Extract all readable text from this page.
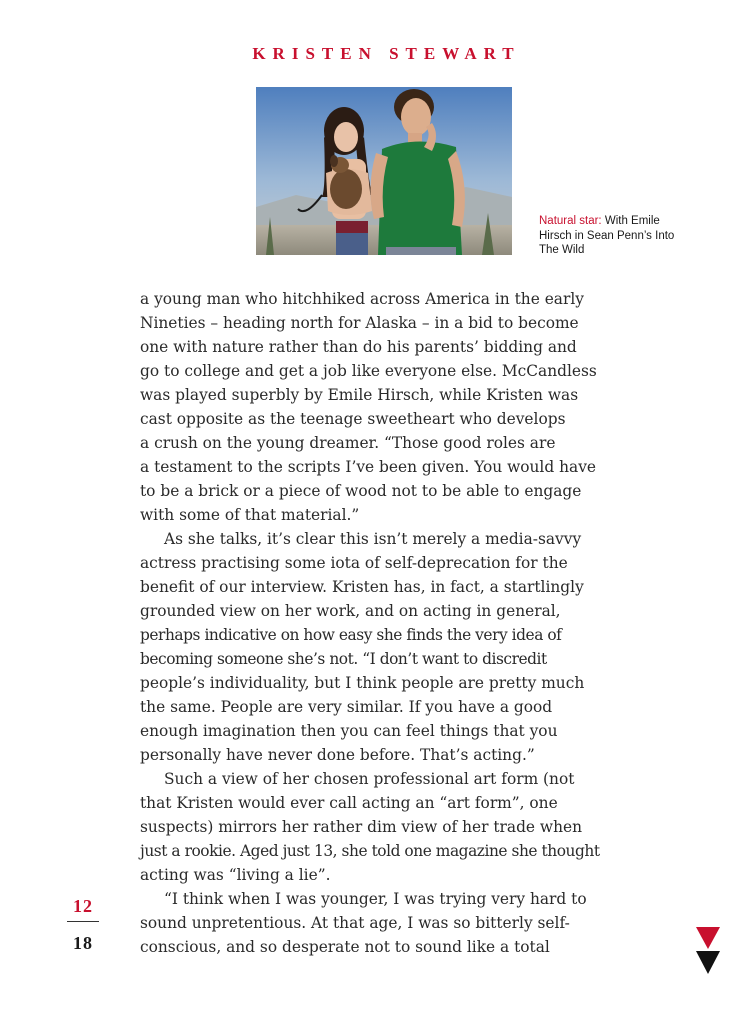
KRISTEN STEWART
Natural star: With Emile Hirsch in Sean Penn’s Into The Wild
a young man who hitchhiked across America in the early
Nineties – heading north for Alaska – in a bid to become
one with nature rather than do his parents’ bidding and
go to college and get a job like everyone else. McCandless
was played superbly by Emile Hirsch, while Kristen was
cast opposite as the teenage sweetheart who develops
a crush on the young dreamer. “Those good roles are
a testament to the scripts I’ve been given. You would have
to be a brick or a piece of wood not to be able to engage
with some of that material.”
As she talks, it’s clear this isn’t merely a media-savvy
actress practising some iota of self-deprecation for the
benefit of our interview. Kristen has, in fact, a startlingly
grounded view on her work, and on acting in general,
perhaps indicative on how easy she finds the very idea of
becoming someone she’s not. “I don’t want to discredit
people’s individuality, but I think people are pretty much
the same. People are very similar. If you have a good
enough imagination then you can feel things that you
personally have never done before. That’s acting.”
Such a view of her chosen professional art form (not
that Kristen would ever call acting an “art form”, one
suspects) mirrors her rather dim view of her trade when
just a rookie. Aged just 13, she told one magazine she thought
acting was “living a lie”.
“I think when I was younger, I was trying very hard to
sound unpretentious. At that age, I was so bitterly self-
conscious, and so desperate not to sound like a total
12
18
